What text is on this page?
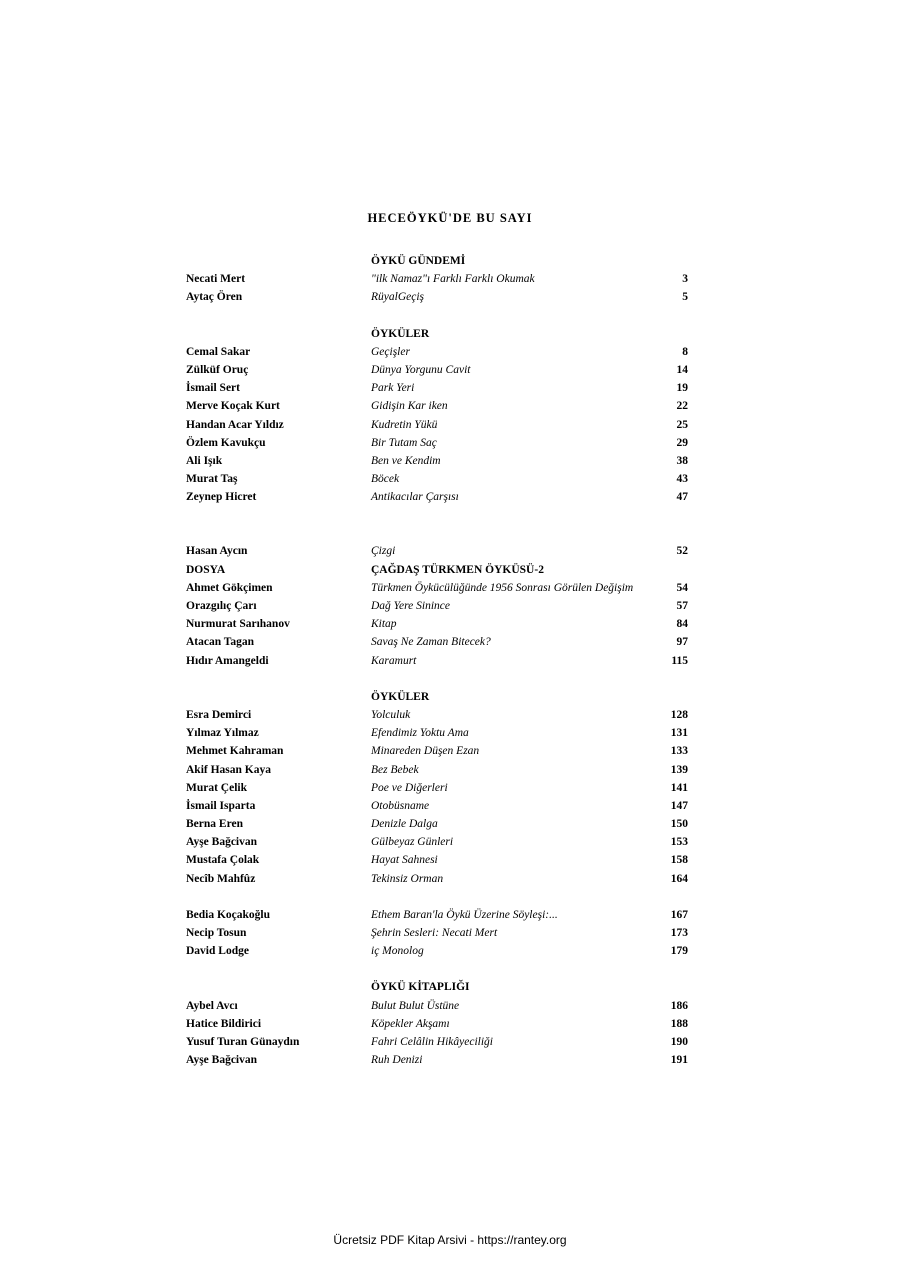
HECEÖYKÜ'DE BU SAYI
ÖYKÜ GÜNDEMİ
Necati Mert	"ilk Namaz"ı Farklı Farklı Okumak	3
Aytaç Ören	RüyalGeçiş	5
ÖYKÜLER
Cemal Sakar	Geçişler	8
Zülküf Oruç	Dünya Yorgunu Cavit	14
İsmail Sert	Park Yeri	19
Merve Koçak Kurt	Gidişin Kar iken	22
Handan Acar Yıldız	Kudretin Yükü	25
Özlem Kavukçu	Bir Tutam Saç	29
Ali Işık	Ben ve Kendim	38
Murat Taş	Böcek	43
Zeynep Hicret	Antikacılar Çarşısı	47
Hasan Aycın	Çizgi	52
DOSYA	ÇAĞDAŞ TÜRKMEN ÖYKÜSÜ-2
Ahmet Gökçimen	Türkmen Öykücülüğünde 1956 Sonrası Görülen Değişim	54
Orazgılıç Çarı	Dağ Yere Sinince	57
Nurmurat Sarıhanov	Kitap	84
Atacan Tagan	Savaş Ne Zaman Bitecek?	97
Hıdır Amangeldi	Karamurt	115
ÖYKÜLER
Esra Demirci	Yolculuk	128
Yılmaz Yılmaz	Efendimiz Yoktu Ama	131
Mehmet Kahraman	Minareden Düşen Ezan	133
Akif Hasan Kaya	Bez Bebek	139
Murat Çelik	Poe ve Diğerleri	141
İsmail Isparta	Otobüsname	147
Berna Eren	Denizle Dalga	150
Ayşe Bağcivan	Gülbeyaz Günleri	153
Mustafa Çolak	Hayat Sahnesi	158
Necîb Mahfûz	Tekinsiz Orman	164
Bedia Koçakoğlu	Ethem Baran'la Öykü Üzerine Söyleşi:...	167
Necip Tosun	Şehrin Sesleri: Necati Mert	173
David Lodge	iç Monolog	179
ÖYKÜ KİTAPLIĞI
Aybel Avcı	Bulut Bulut Üstüne	186
Hatice Bildirici	Köpekler Akşamı	188
Yusuf Turan Günaydın	Fahri Celâlin Hikâyeciliği	190
Ayşe Bağcivan	Ruh Denizi	191
Ücretsiz PDF Kitap Arsivi - https://rantey.org
